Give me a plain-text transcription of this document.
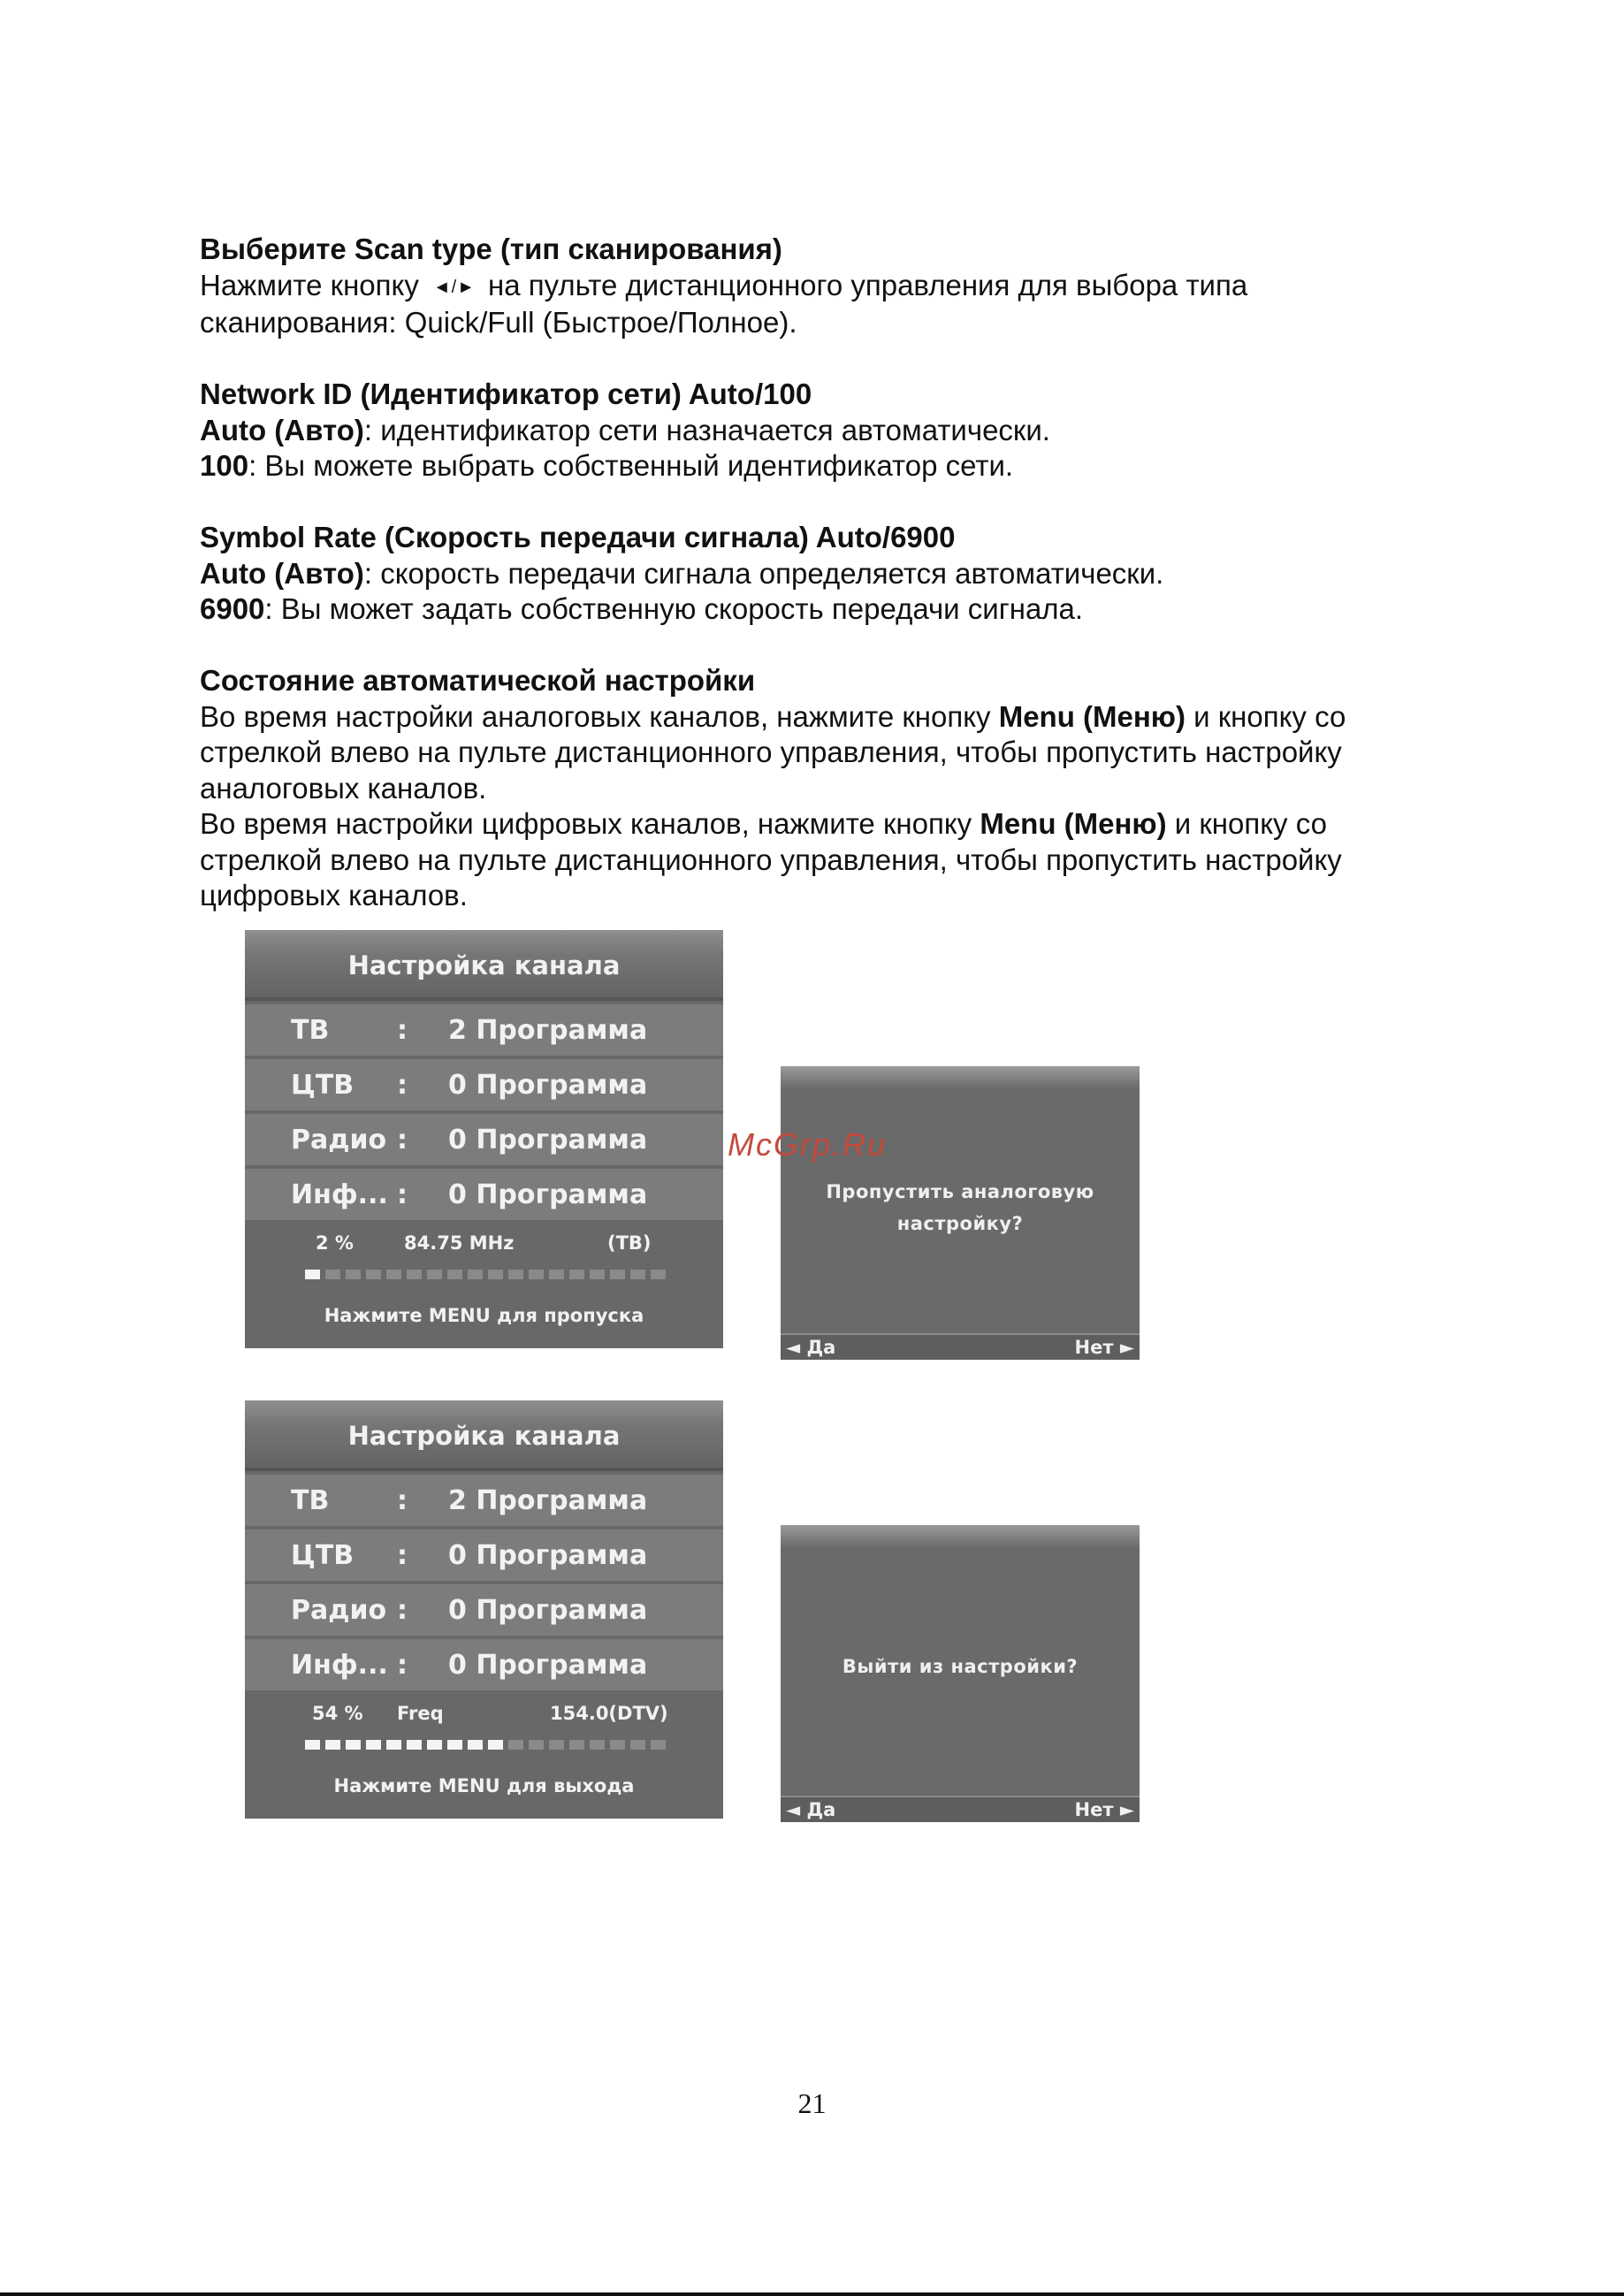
Выберите Scan type (тип сканирования)

Нажмите кнопку ◄/► на пульте дистанционного управления для выбора типа

сканирования: Quick/Full (Быстрое/Полное).

Network ID (Идентификатор сети) Auto/100

Auto (Авто): идентификатор сети назначается автоматически.

100: Вы можете выбрать собственный идентификатор сети.

Symbol Rate (Скорость передачи сигнала) Auto/6900

Auto (Авто): скорость передачи сигнала определяется автоматически.

6900: Вы может задать собственную скорость передачи сигнала.

Состояние автоматической настройки

Во время настройки аналоговых каналов, нажмите кнопку Menu (Меню) и кнопку со

стрелкой влево на пульте дистанционного управления, чтобы пропустить настройку

аналоговых каналов.

Во время настройки цифровых каналов, нажмите кнопку Menu (Меню) и кнопку со

стрелкой влево на пульте дистанционного управления, чтобы пропустить настройку

цифровых каналов.

Настройка канала
ТВ	: 2 Программа
ЦТВ : 0 Программа
Радио : 0 Программа
Инф... : 0 Программа
2 %	84.75 MHz	(ТВ)
Нажмите MENU для пропуска
Настройка канала
ТВ	: 2 Программа
ЦТВ : 0 Программа
Радио : 0 Программа
Инф... : 0 Программа
54 % Freq	154.0(DTV)
Нажмите MENU для выхода
Пропустить аналоговую
настройку?
◄ Да	Нет ►
Выйти из настройки?
◄ Да	Нет ►
McGrp.Ru
21
